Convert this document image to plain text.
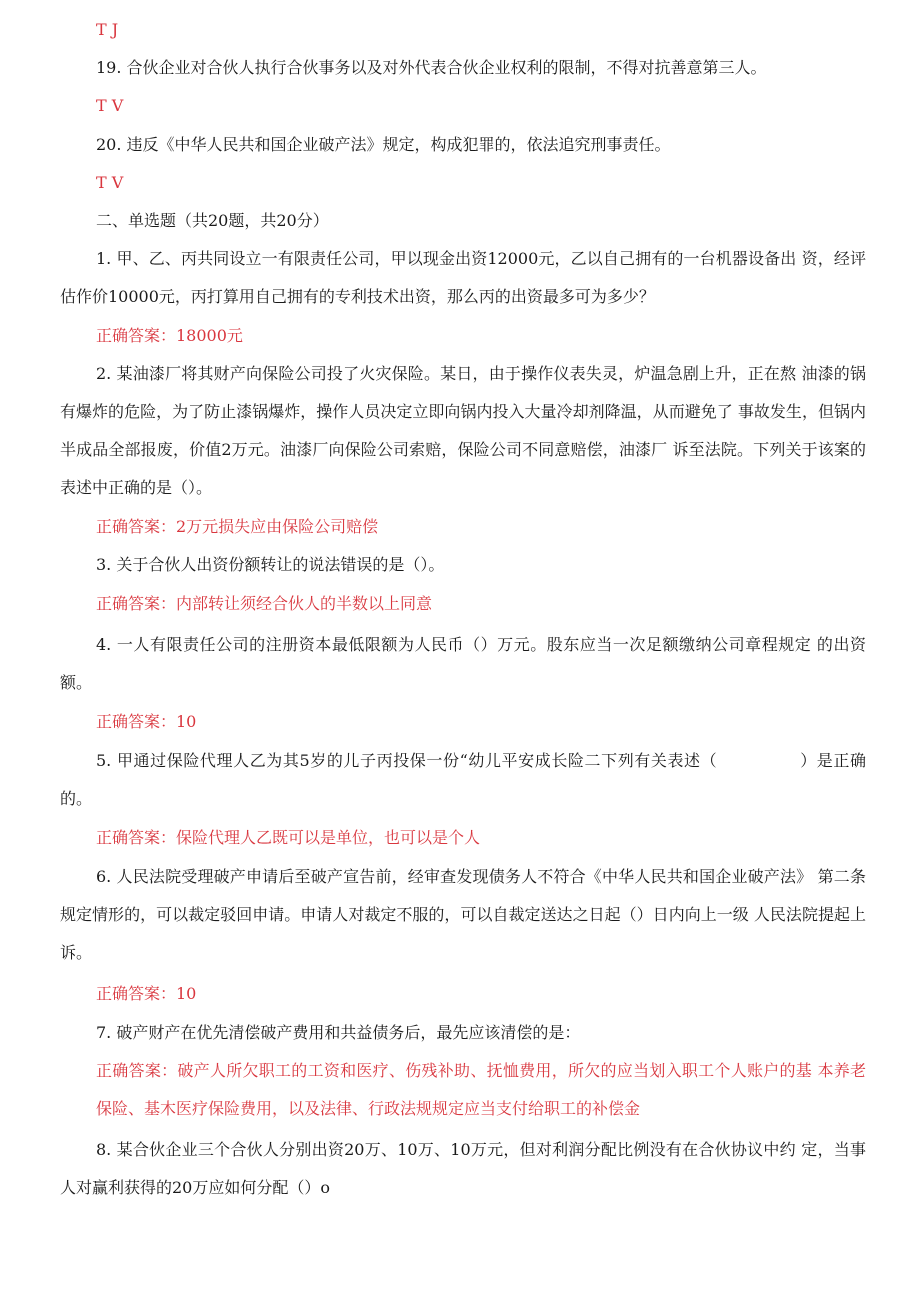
T J
19. 合伙企业对合伙人执行合伙事务以及对外代表合伙企业权利的限制，不得对抗善意第三人。
T V
20. 违反《中华人民共和国企业破产法》规定，构成犯罪的，依法追究刑事责任。
T V
二、单选题（共20题，共20分）
1. 甲、乙、丙共同设立一有限责任公司，甲以现金出资12000元，乙以自己拥有的一台机器设备出 资，经评估作价10000元，丙打算用自己拥有的专利技术出资，那么丙的出资最多可为多少？
正确答案：18000元
2. 某油漆厂将其财产向保险公司投了火灾保险。某日，由于操作仪表失灵，炉温急剧上升，正在熬 油漆的锅有爆炸的危险，为了防止漆锅爆炸，操作人员决定立即向锅内投入大量冷却剂降温，从而避免了 事故发生，但锅内半成品全部报废，价值2万元。油漆厂向保险公司索赔，保险公司不同意赔偿，油漆厂 诉至法院。下列关于该案的表述中正确的是（）。
正确答案：2万元损失应由保险公司赔偿
3. 关于合伙人出资份额转让的说法错误的是（）。
正确答案：内部转让须经合伙人的半数以上同意
4. 一人有限责任公司的注册资本最低限额为人民币（）万元。股东应当一次足额缴纳公司章程规定 的出资额。
正确答案：10
5. 甲通过保险代理人乙为其5岁的儿子丙投保一份“幼儿平安成长险二下列有关表述（　　　　　）是正确的。
正确答案：保险代理人乙既可以是单位，也可以是个人
6. 人民法院受理破产申请后至破产宣告前，经审查发现债务人不符合《中华人民共和国企业破产法》 第二条规定情形的，可以裁定驳回申请。申请人对裁定不服的，可以自裁定送达之日起（）日内向上一级 人民法院提起上诉。
正确答案：10
7. 破产财产在优先清偿破产费用和共益债务后，最先应该清偿的是：
正确答案：破产人所欠职工的工资和医疗、伤残补助、抚恤费用，所欠的应当划入职工个人账户的基 本养老保险、基木医疗保险费用，以及法律、行政法规规定应当支付给职工的补偿金
8. 某合伙企业三个合伙人分别出资20万、10万、10万元，但对利润分配比例没有在合伙协议中约 定，当事人对赢利获得的20万应如何分配（）o
